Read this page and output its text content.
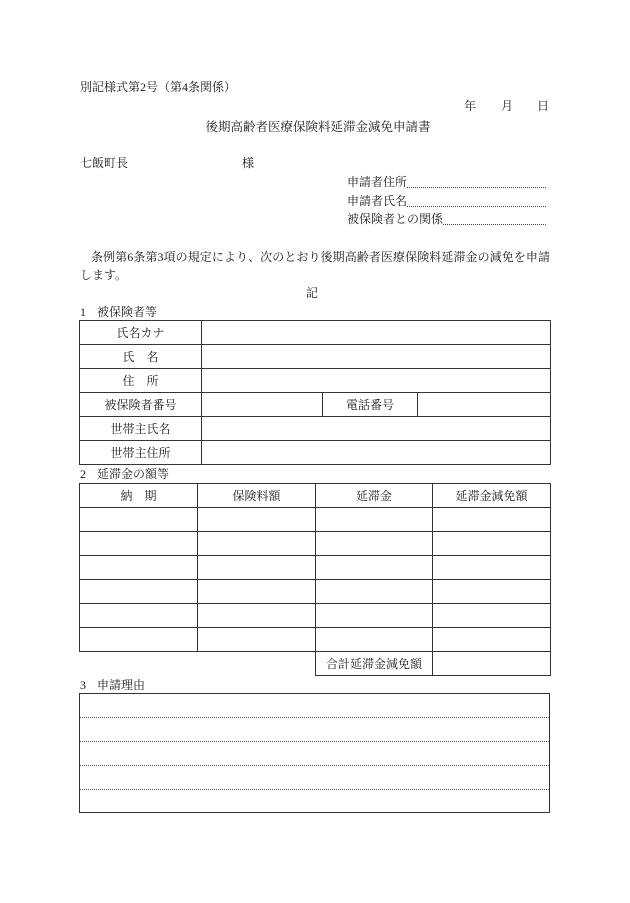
別記様式第2号（第4条関係）
年 月 日
後期高齢者医療保険料延滞金減免申請書
七飯町長	様
申請者住所
申請者氏名
被保険者との関係

条例第6条第3項の規定により、次のとおり後期高齢者医療保険料延滞金の減免を申請します。

記
1 被保険者等
氏名カナ			
氏　名			
住　所			
被保険者番号		電話番号	
世帯主氏名			
世帯主住所			
2 延滞金の額等
納　期	保険料額	延滞金	延滞金減免額

		合計延滞金減免額	
3 申請理由
